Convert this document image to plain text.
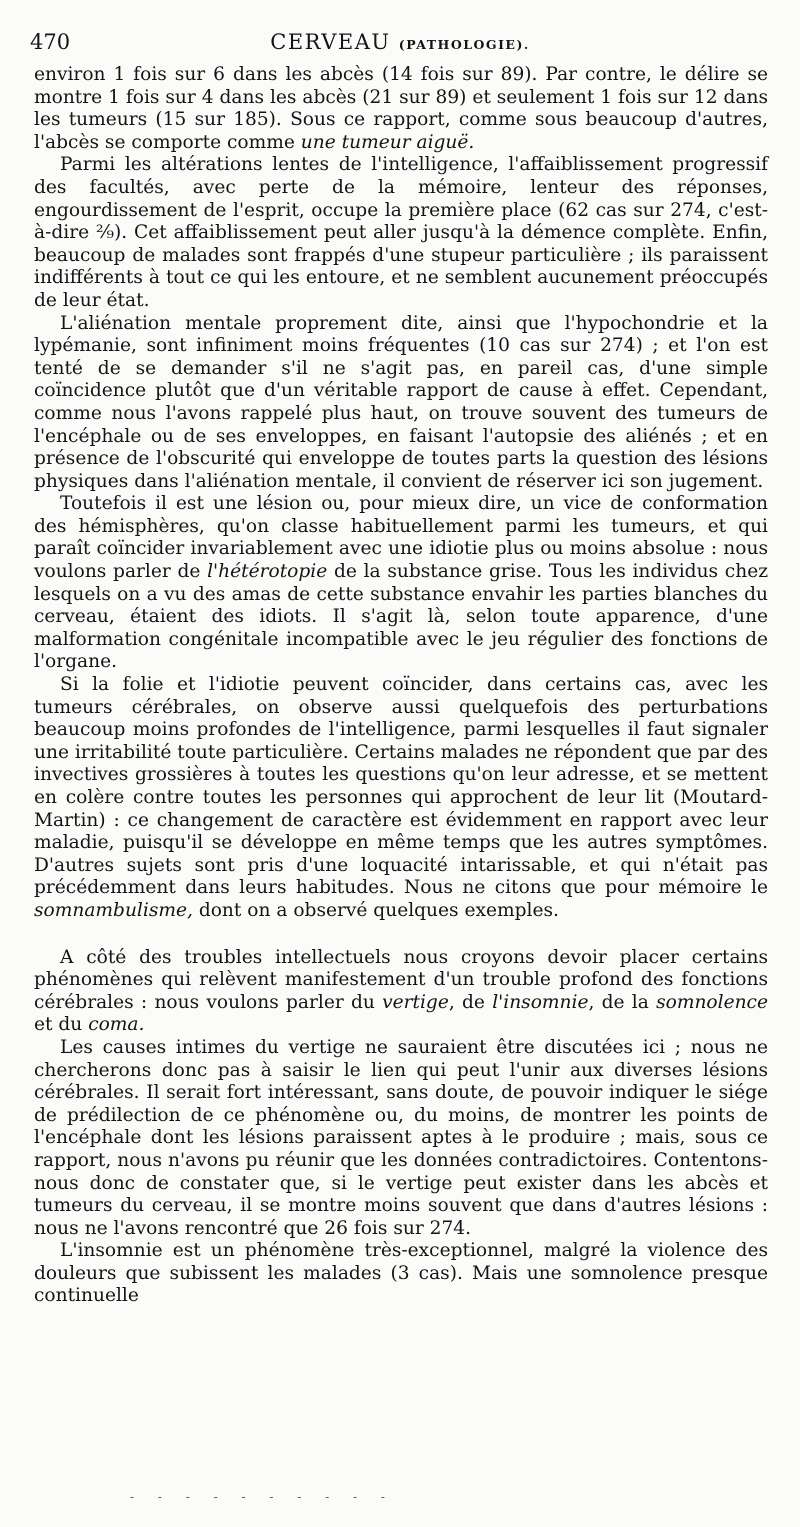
470	CERVEAU (PATHOLOGIE).

environ 1 fois sur 6 dans les abcès (14 fois sur 89). Par contre, le délire se montre 1 fois sur 4 dans les abcès (21 sur 89) et seulement 1 fois sur 12 dans les tumeurs (15 sur 185). Sous ce rapport, comme sous beaucoup d'autres, l'abcès se comporte comme une tumeur aiguë.

Parmi les altérations lentes de l'intelligence, l'affaiblissement progressif des facultés, avec perte de la mémoire, lenteur des réponses, engourdissement de l'esprit, occupe la première place (62 cas sur 274, c'est-à-dire ²⁄₉). Cet affaiblissement peut aller jusqu'à la démence complète. Enfin, beaucoup de malades sont frappés d'une stupeur particulière ; ils paraissent indifférents à tout ce qui les entoure, et ne semblent aucunement préoccupés de leur état.

L'aliénation mentale proprement dite, ainsi que l'hypochondrie et la lypémanie, sont infiniment moins fréquentes (10 cas sur 274) ; et l'on est tenté de se demander s'il ne s'agit pas, en pareil cas, d'une simple coïncidence plutôt que d'un véritable rapport de cause à effet. Cependant, comme nous l'avons rappelé plus haut, on trouve souvent des tumeurs de l'encéphale ou de ses enveloppes, en faisant l'autopsie des aliénés ; et en présence de l'obscurité qui enveloppe de toutes parts la question des lésions physiques dans l'aliénation mentale, il convient de réserver ici son jugement.

Toutefois il est une lésion ou, pour mieux dire, un vice de conformation des hémisphères, qu'on classe habituellement parmi les tumeurs, et qui paraît coïncider invariablement avec une idiotie plus ou moins absolue : nous voulons parler de l'hétérotopie de la substance grise. Tous les individus chez lesquels on a vu des amas de cette substance envahir les parties blanches du cerveau, étaient des idiots. Il s'agit là, selon toute apparence, d'une malformation congénitale incompatible avec le jeu régulier des fonctions de l'organe.

Si la folie et l'idiotie peuvent coïncider, dans certains cas, avec les tumeurs cérébrales, on observe aussi quelquefois des perturbations beaucoup moins profondes de l'intelligence, parmi lesquelles il faut signaler une irritabilité toute particulière. Certains malades ne répondent que par des invectives grossières à toutes les questions qu'on leur adresse, et se mettent en colère contre toutes les personnes qui approchent de leur lit (Moutard-Martin) : ce changement de caractère est évidemment en rapport avec leur maladie, puisqu'il se développe en même temps que les autres symptômes. D'autres sujets sont pris d'une loquacité intarissable, et qui n'était pas précédemment dans leurs habitudes. Nous ne citons que pour mémoire le somnambulisme, dont on a observé quelques exemples.

A côté des troubles intellectuels nous croyons devoir placer certains phénomènes qui relèvent manifestement d'un trouble profond des fonctions cérébrales : nous voulons parler du vertige, de l'insomnie, de la somnolence et du coma.

Les causes intimes du vertige ne sauraient être discutées ici ; nous ne chercherons donc pas à saisir le lien qui peut l'unir aux diverses lésions cérébrales. Il serait fort intéressant, sans doute, de pouvoir indiquer le siége de prédilection de ce phénomène ou, du moins, de montrer les points de l'encéphale dont les lésions paraissent aptes à le produire ; mais, sous ce rapport, nous n'avons pu réunir que les données contradictoires. Contentons-nous donc de constater que, si le vertige peut exister dans les abcès et tumeurs du cerveau, il se montre moins souvent que dans d'autres lésions : nous ne l'avons rencontré que 26 fois sur 274.

L'insomnie est un phénomène très-exceptionnel, malgré la violence des douleurs que subissent les malades (3 cas). Mais une somnolence presque continuelle

- - - - - - - - - -
